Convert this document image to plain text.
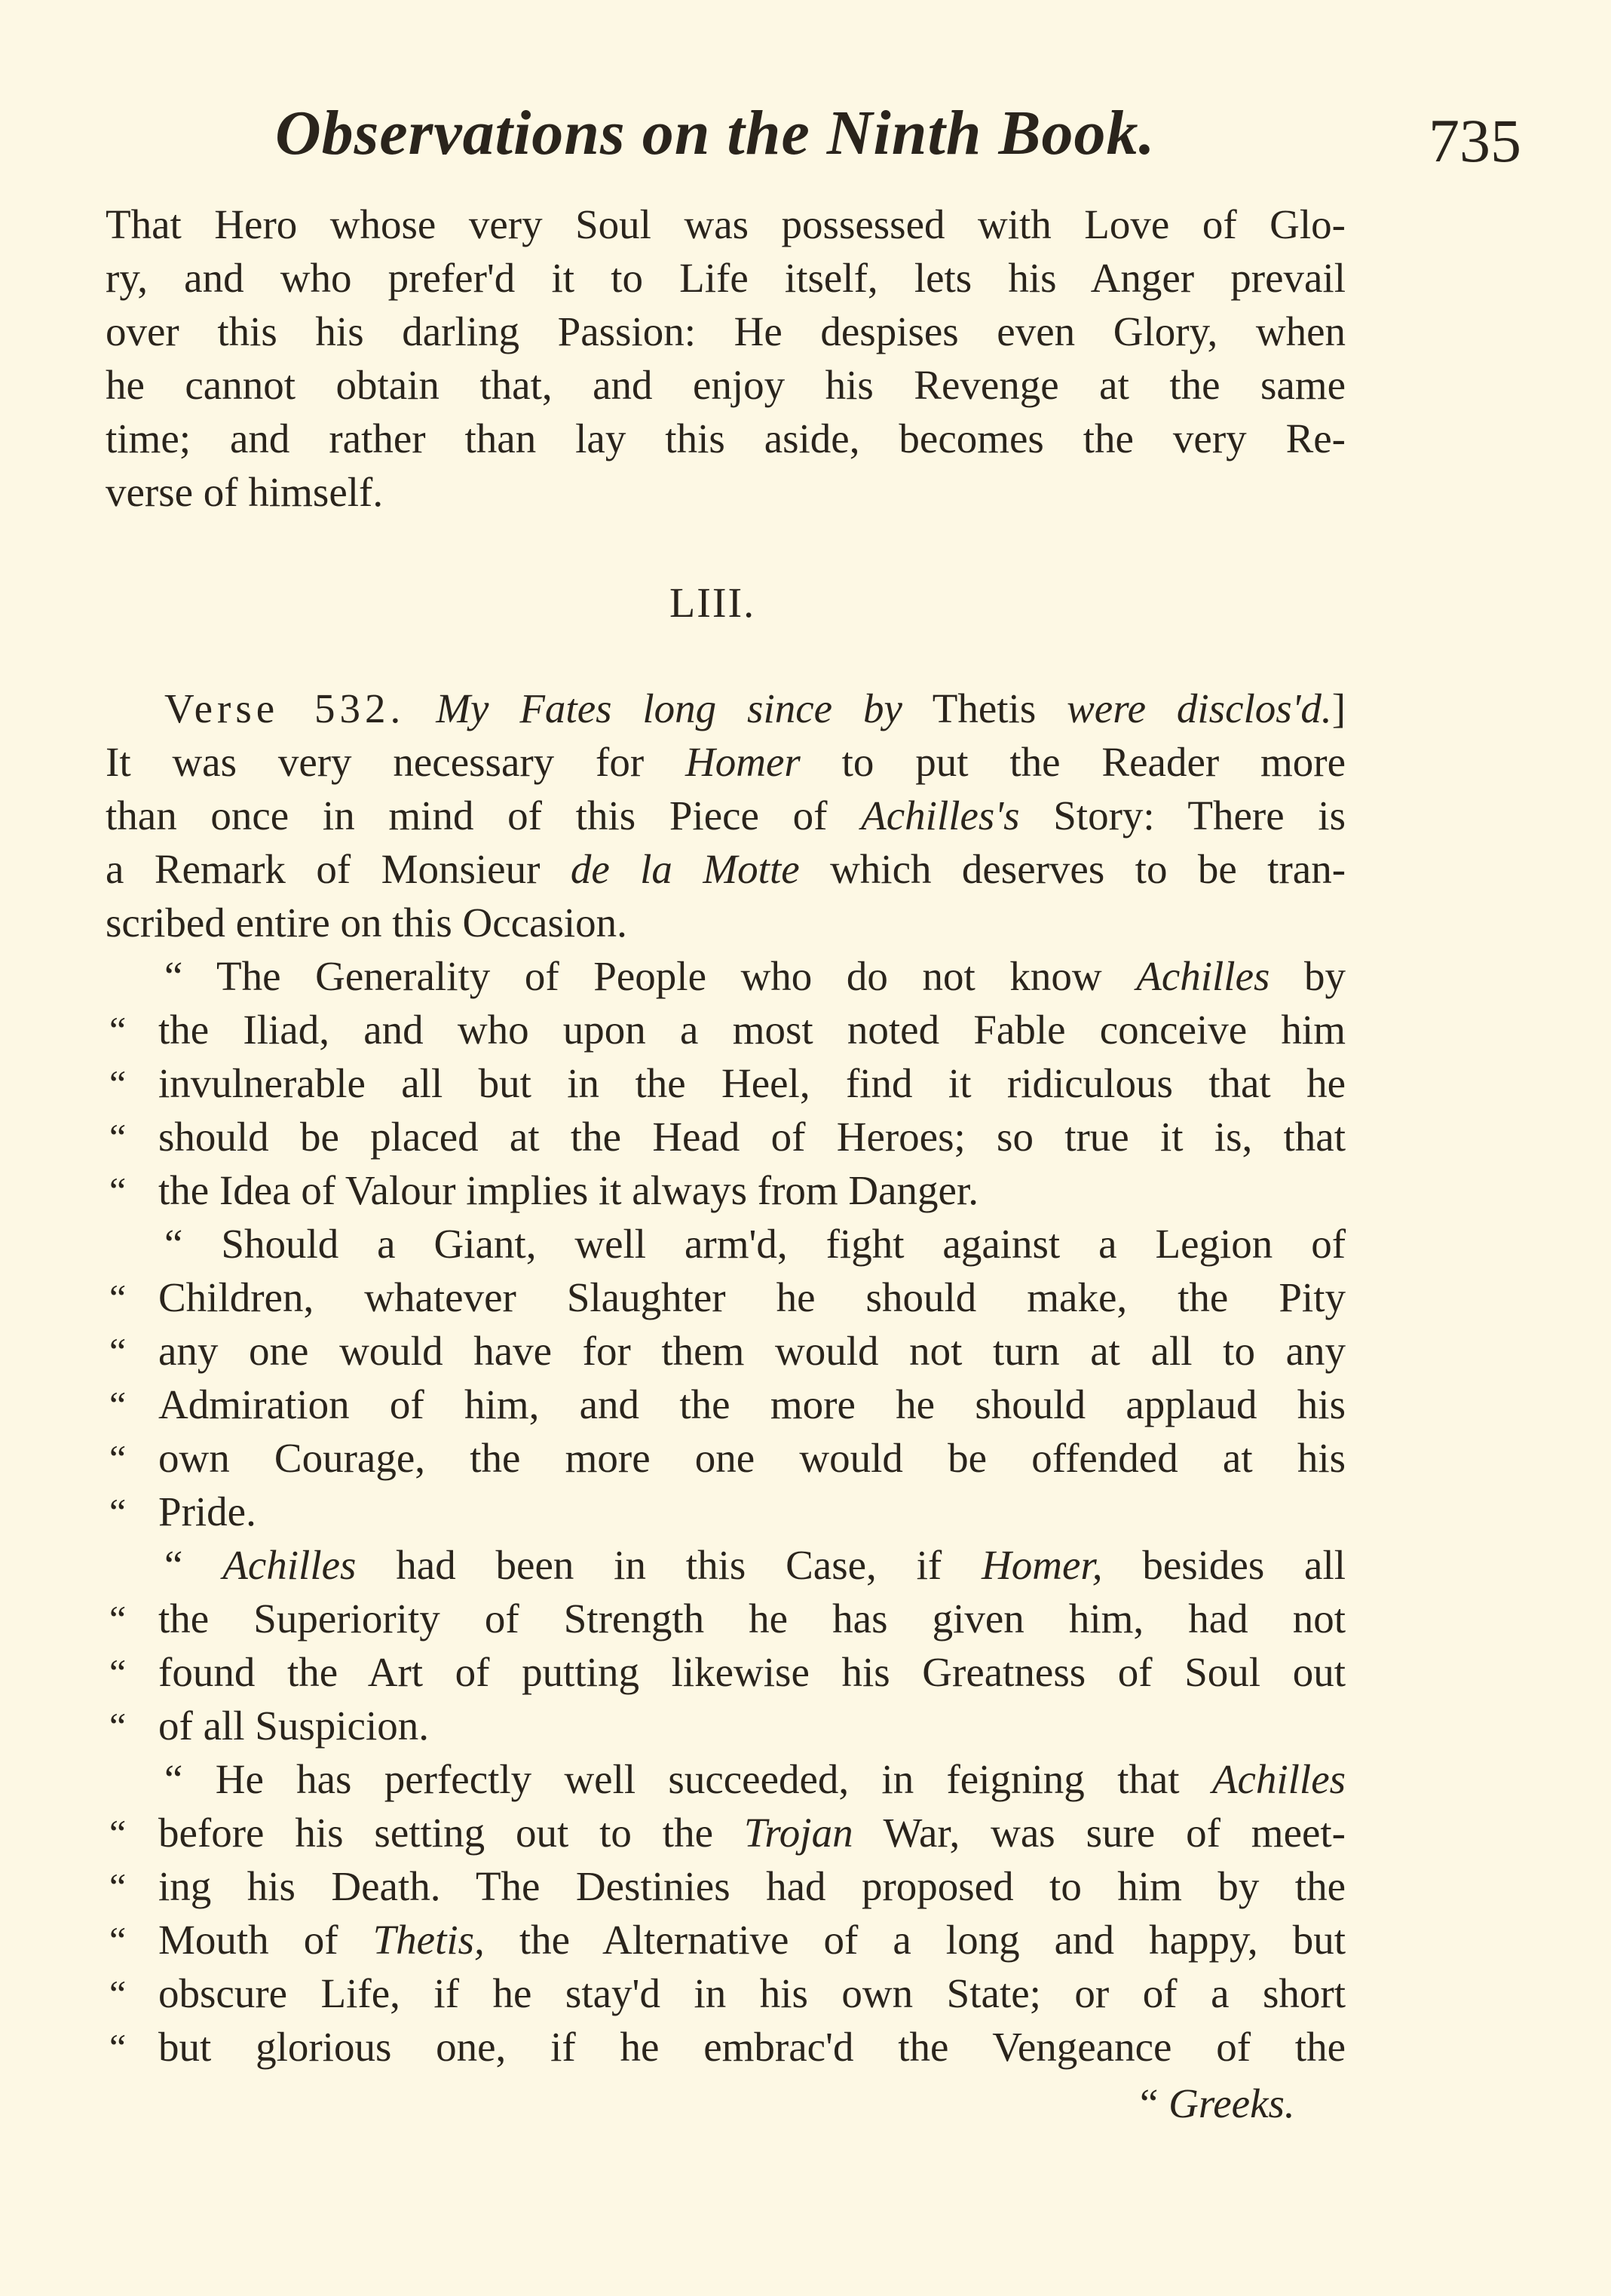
Observations on the Ninth Book.	735
That Hero whose very Soul was possessed with Love of Glo-
ry, and who prefer'd it to Life itself, lets his Anger prevail
over this his darling Passion: He despises even Glory, when
he cannot obtain that, and enjoy his Revenge at the same
time; and rather than lay this aside, becomes the very Re-
verse of himself.
LIII.
Verse 532. My Fates long since by Thetis were disclos'd.]
It was very necessary for Homer to put the Reader more
than once in mind of this Piece of Achilles's Story: There is
a Remark of Monsieur de la Motte which deserves to be tran-
scribed entire on this Occasion.
“ The Generality of People who do not know Achilles by
“ the Iliad, and who upon a most noted Fable conceive him
“ invulnerable all but in the Heel, find it ridiculous that he
“ should be placed at the Head of Heroes; so true it is, that
“ the Idea of Valour implies it always from Danger.
“ Should a Giant, well arm'd, fight against a Legion of
“ Children, whatever Slaughter he should make, the Pity
“ any one would have for them would not turn at all to any
“ Admiration of him, and the more he should applaud his
“ own Courage, the more one would be offended at his
“ Pride.
“ Achilles had been in this Case, if Homer, besides all
“ the Superiority of Strength he has given him, had not
“ found the Art of putting likewise his Greatness of Soul out
“ of all Suspicion.
“ He has perfectly well succeeded, in feigning that Achilles
“ before his setting out to the Trojan War, was sure of meet-
“ ing his Death. The Destinies had proposed to him by the
“ Mouth of Thetis, the Alternative of a long and happy, but
“ obscure Life, if he stay'd in his own State; or of a short
“ but glorious one, if he embrac'd the Vengeance of the
“ Greeks.
